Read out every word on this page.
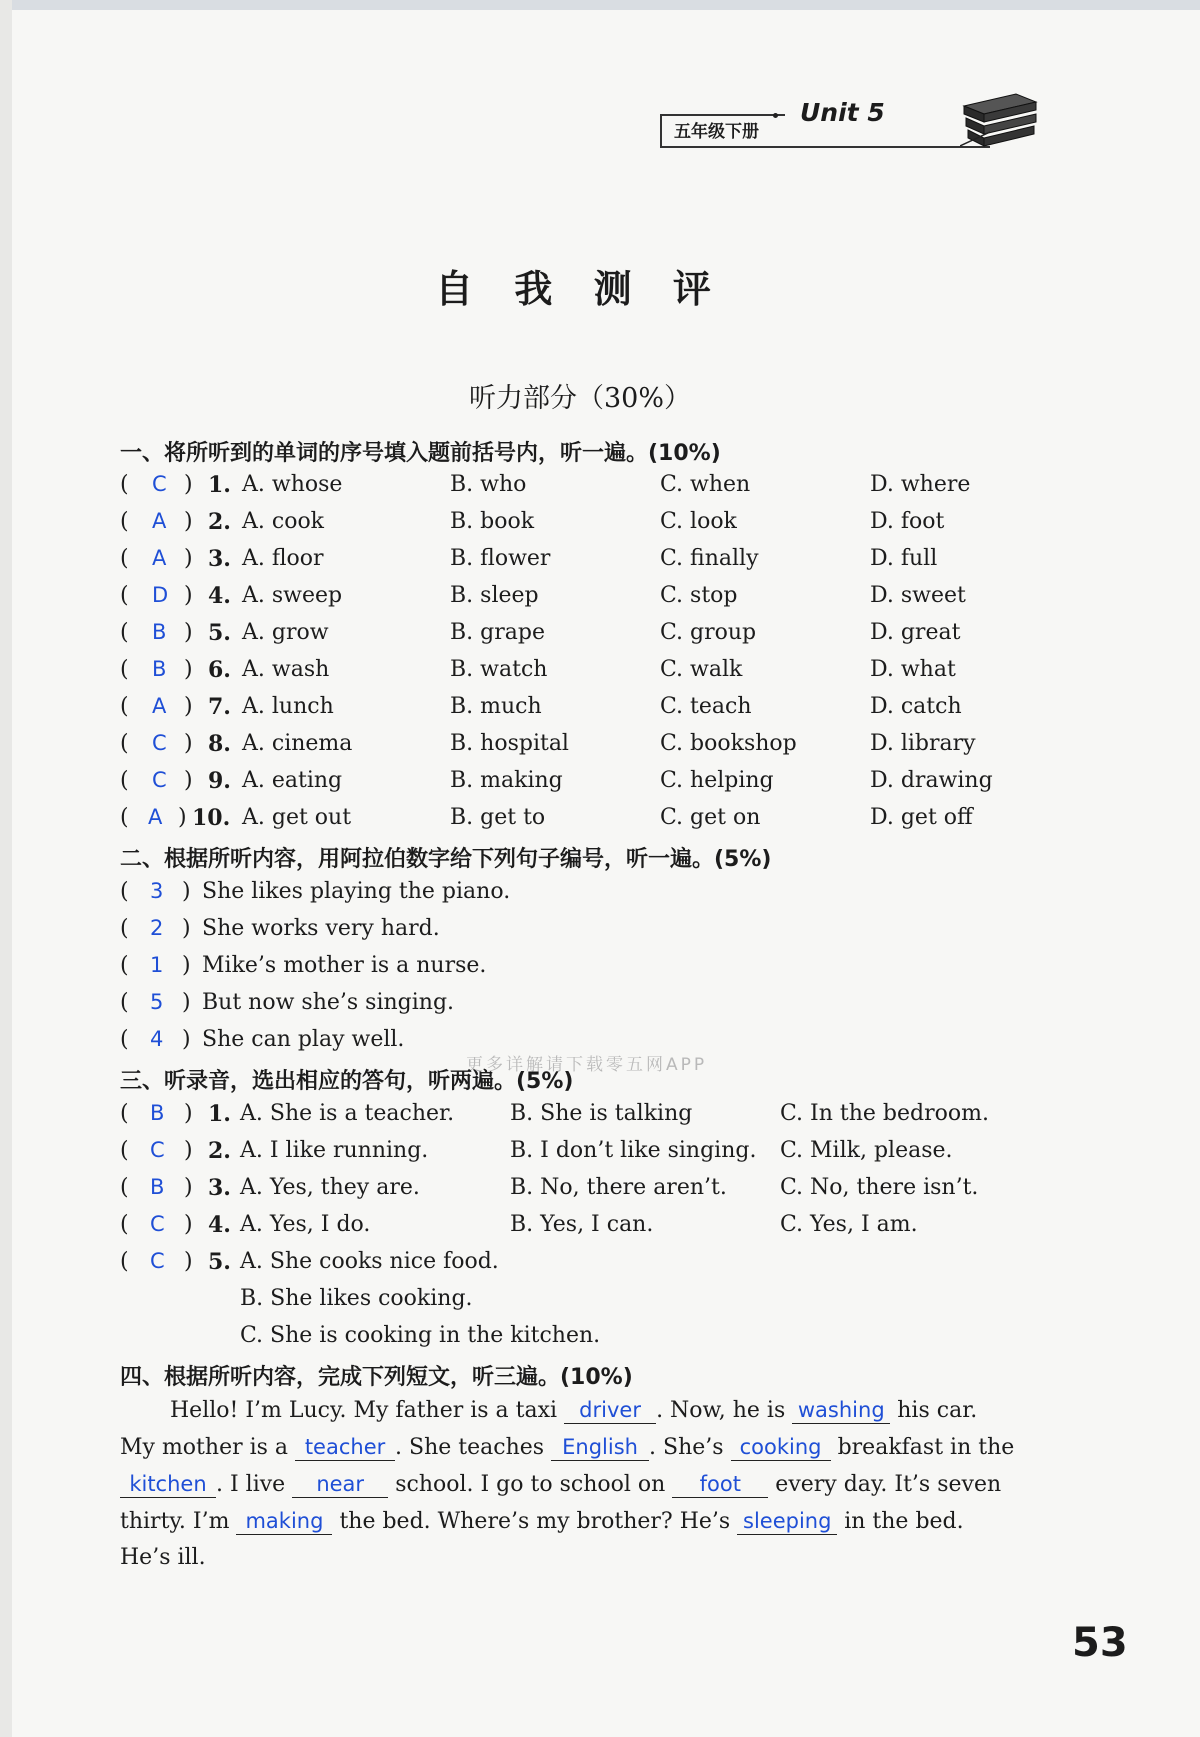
五年级下册
Unit 5
自 我 测 评
听力部分（30%）
一、将所听到的单词的序号填入题前括号内，听一遍。(10%)
( C ) 1. A. whose	B. who	C. when	D. where
( A ) 2. A. cook	B. book	C. look	D. foot
( A ) 3. A. floor	B. flower	C. finally	D. full
( D ) 4. A. sweep	B. sleep	C. stop	D. sweet
( B ) 5. A. grow	B. grape	C. group	D. great
( B ) 6. A. wash	B. watch	C. walk	D. what
( A ) 7. A. lunch	B. much	C. teach	D. catch
( C ) 8. A. cinema	B. hospital	C. bookshop	D. library
( C ) 9. A. eating	B. making	C. helping	D. drawing
( A ) 10. A. get out	B. get to	C. get on	D. get off
二、根据所听内容，用阿拉伯数字给下列句子编号，听一遍。(5%)
( 3 ) She likes playing the piano.
( 2 ) She works very hard.
( 1 ) Mike’s mother is a nurse.
( 5 ) But now she’s singing.
( 4 ) She can play well.
更多详解请下载零五网APP
三、听录音，选出相应的答句，听两遍。(5%)
( B ) 1. A. She is a teacher.	B. She is talking	C. In the bedroom.
( C ) 2. A. I like running.	B. I don’t like singing. C. Milk, please.
( B ) 3. A. Yes, they are.	B. No, there aren’t. C. No, there isn’t.
( C ) 4. A. Yes, I do.	B. Yes, I can.	C. Yes, I am.
( C ) 5. A. She cooks nice food.
B. She likes cooking.
C. She is cooking in the kitchen.
四、根据所听内容，完成下列短文，听三遍。(10%)
Hello! I’m Lucy. My father is a taxi driver . Now, he is washing his car.
My mother is a teacher . She teaches English . She’s cooking breakfast in the
kitchen . I live near school. I go to school on foot every day. It’s seven
thirty. I’m making the bed. Where’s my brother? He’s sleeping in the bed.
He’s ill.
53
